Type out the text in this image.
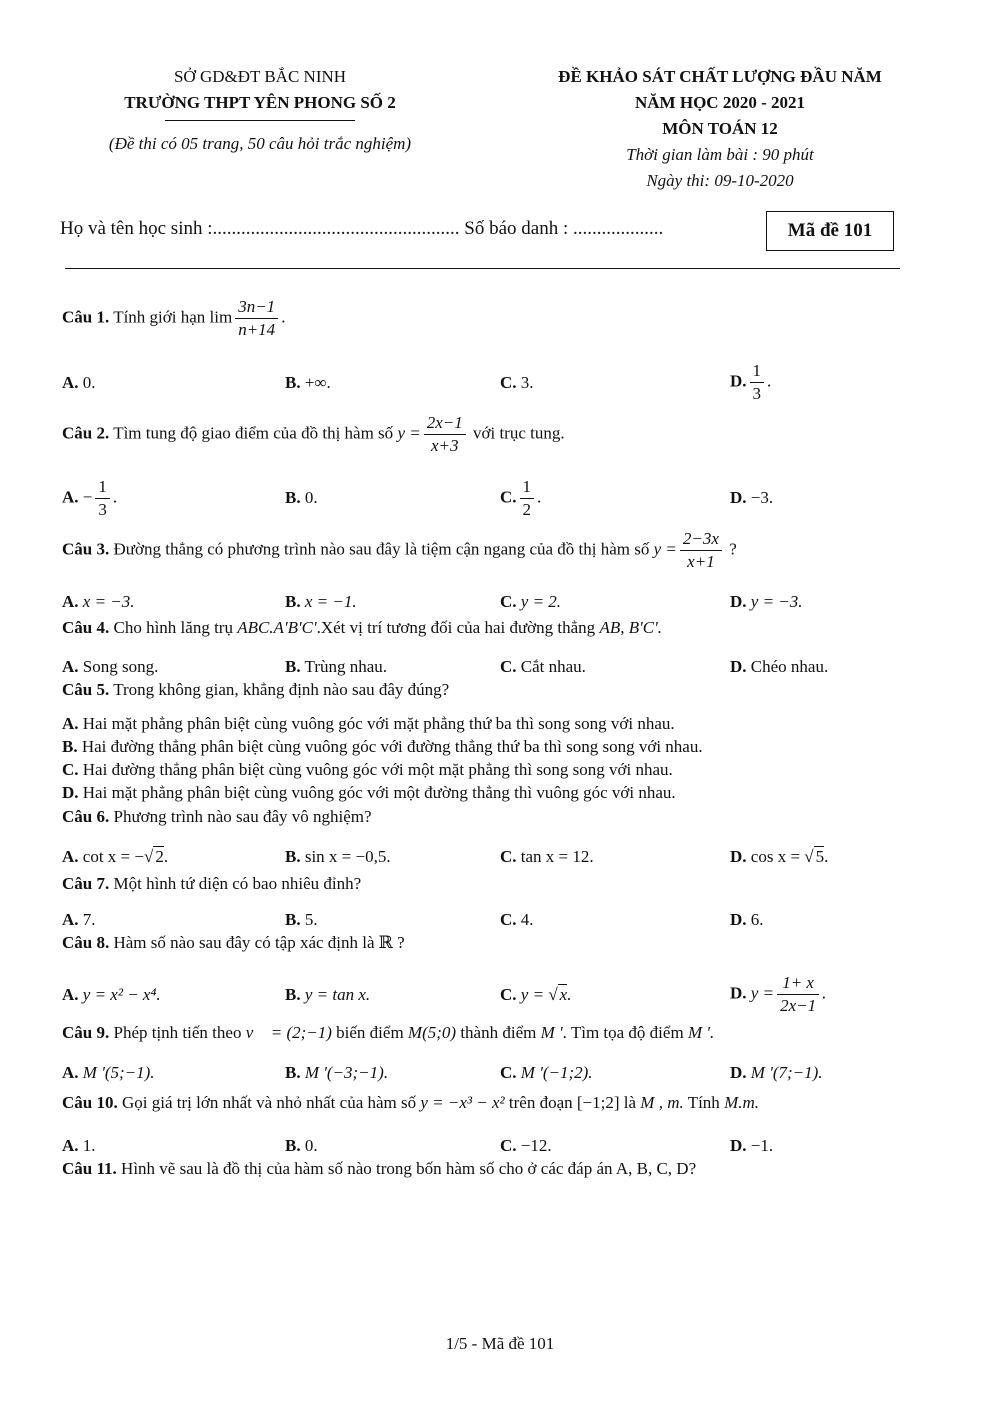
SỞ GD&ĐT BẮC NINH
TRƯỜNG THPT YÊN PHONG SỐ 2
(Đề thi có 05 trang, 50 câu hỏi trắc nghiệm)
ĐỀ KHẢO SÁT CHẤT LƯỢNG ĐẦU NĂM
NĂM HỌC 2020 - 2021
MÔN TOÁN 12
Thời gian làm bài : 90 phút
Ngày thi: 09-10-2020
Họ và tên học sinh :.................................................... Số báo danh : ...................	Mã đề 101
Câu 1. Tính giới hạn $\lim \frac{3n-1}{n+14}$ .
A. 0.	B. +∞.	C. 3.	D. $\frac{1}{3}$ .
Câu 2. Tìm tung độ giao điểm của đồ thị hàm số $y = \frac{2x-1}{x+3}$ với trục tung.
A. − $\frac{1}{3}$ .	B. 0.	C. $\frac{1}{2}$ .	D. −3.
Câu 3. Đường thẳng có phương trình nào sau đây là tiệm cận ngang của đồ thị hàm số $y = \frac{2-3x}{x+1}$ ?
A. x = −3.	B. x = −1.	C. y = 2.	D. y = −3.
Câu 4. Cho hình lăng trụ ABC.A'B'C'.Xét vị trí tương đối của hai đường thẳng AB, B'C'.
A. Song song.	B. Trùng nhau.	C. Cắt nhau.	D. Chéo nhau.
Câu 5. Trong không gian, khẳng định nào sau đây đúng?
A. Hai mặt phẳng phân biệt cùng vuông góc với mặt phẳng thứ ba thì song song với nhau.
B. Hai đường thẳng phân biệt cùng vuông góc với đường thẳng thứ ba thì song song với nhau.
C. Hai đường thẳng phân biệt cùng vuông góc với một mặt phẳng thì song song với nhau.
D. Hai mặt phẳng phân biệt cùng vuông góc với một đường thẳng thì vuông góc với nhau.
Câu 6. Phương trình nào sau đây vô nghiệm?
A. cot x = −√ 2.	B. sin x = −0,5.	C. tan x = 12.	D. cos x = √ 5.
Câu 7. Một hình tứ diện có bao nhiêu đỉnh?
A. 7.	B. 5.	C. 4.	D. 6.
Câu 8. Hàm số nào sau đây có tập xác định là ℝ ?
A. y = x² − x⁴.	B. y = tan x.	C. y = √ x.	D. $y = \frac{1+ x}{2x-1}$ .
Câu 9. Phép tịnh tiến theo v⃗ = (2;−1) biến điểm M(5;0) thành điểm M '. Tìm tọa độ điểm M '.
A. M '(5;−1).	B. M '(−3;−1).	C. M '(−1;2).	D. M '(7;−1).
Câu 10. Gọi giá trị lớn nhất và nhỏ nhất của hàm số y = −x³ − x² trên đoạn [−1;2] là M , m. Tính M.m.
A. 1.	B. 0.	C. −12.	D. −1.
Câu 11. Hình vẽ sau là đồ thị của hàm số nào trong bốn hàm số cho ở các đáp án A, B, C, D?
1/5 - Mã đề 101
